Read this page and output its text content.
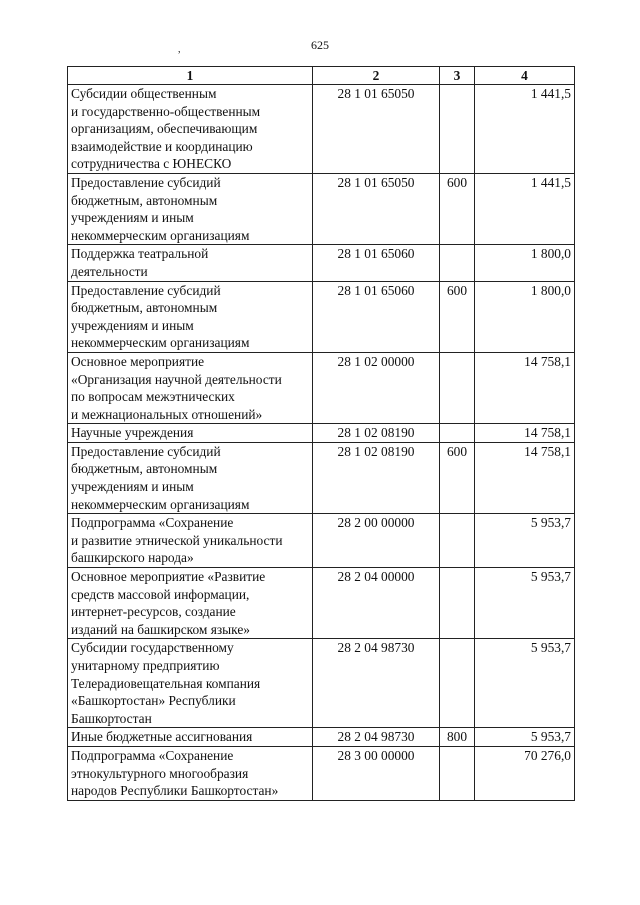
625
,
1	2	3	4
Субсидии общественным
и государственно-общественным
организациям, обеспечивающим
взаимодействие и координацию
сотрудничества с ЮНЕСКО	28 1 01 65050		1 441,5
Предоставление субсидий
бюджетным, автономным
учреждениям и иным
некоммерческим организациям	28 1 01 65050	600	1 441,5
Поддержка театральной
деятельности	28 1 01 65060		1 800,0
Предоставление субсидий
бюджетным, автономным
учреждениям и иным
некоммерческим организациям	28 1 01 65060	600	1 800,0
Основное мероприятие
«Организация научной деятельности
по вопросам межэтнических
и межнациональных отношений»	28 1 02 00000		14 758,1
Научные учреждения	28 1 02 08190		14 758,1
Предоставление субсидий
бюджетным, автономным
учреждениям и иным
некоммерческим организациям	28 1 02 08190	600	14 758,1
Подпрограмма «Сохранение
и развитие этнической уникальности
башкирского народа»	28 2 00 00000		5 953,7
Основное мероприятие «Развитие
средств массовой информации,
интернет-ресурсов, создание
изданий на башкирском языке»	28 2 04 00000		5 953,7
Субсидии государственному
унитарному предприятию
Телерадиовещательная компания
«Башкортостан» Республики
Башкортостан	28 2 04 98730		5 953,7
Иные бюджетные ассигнования	28 2 04 98730	800	5 953,7
Подпрограмма «Сохранение
этнокультурного многообразия
народов Республики Башкортостан»	28 3 00 00000		70 276,0
